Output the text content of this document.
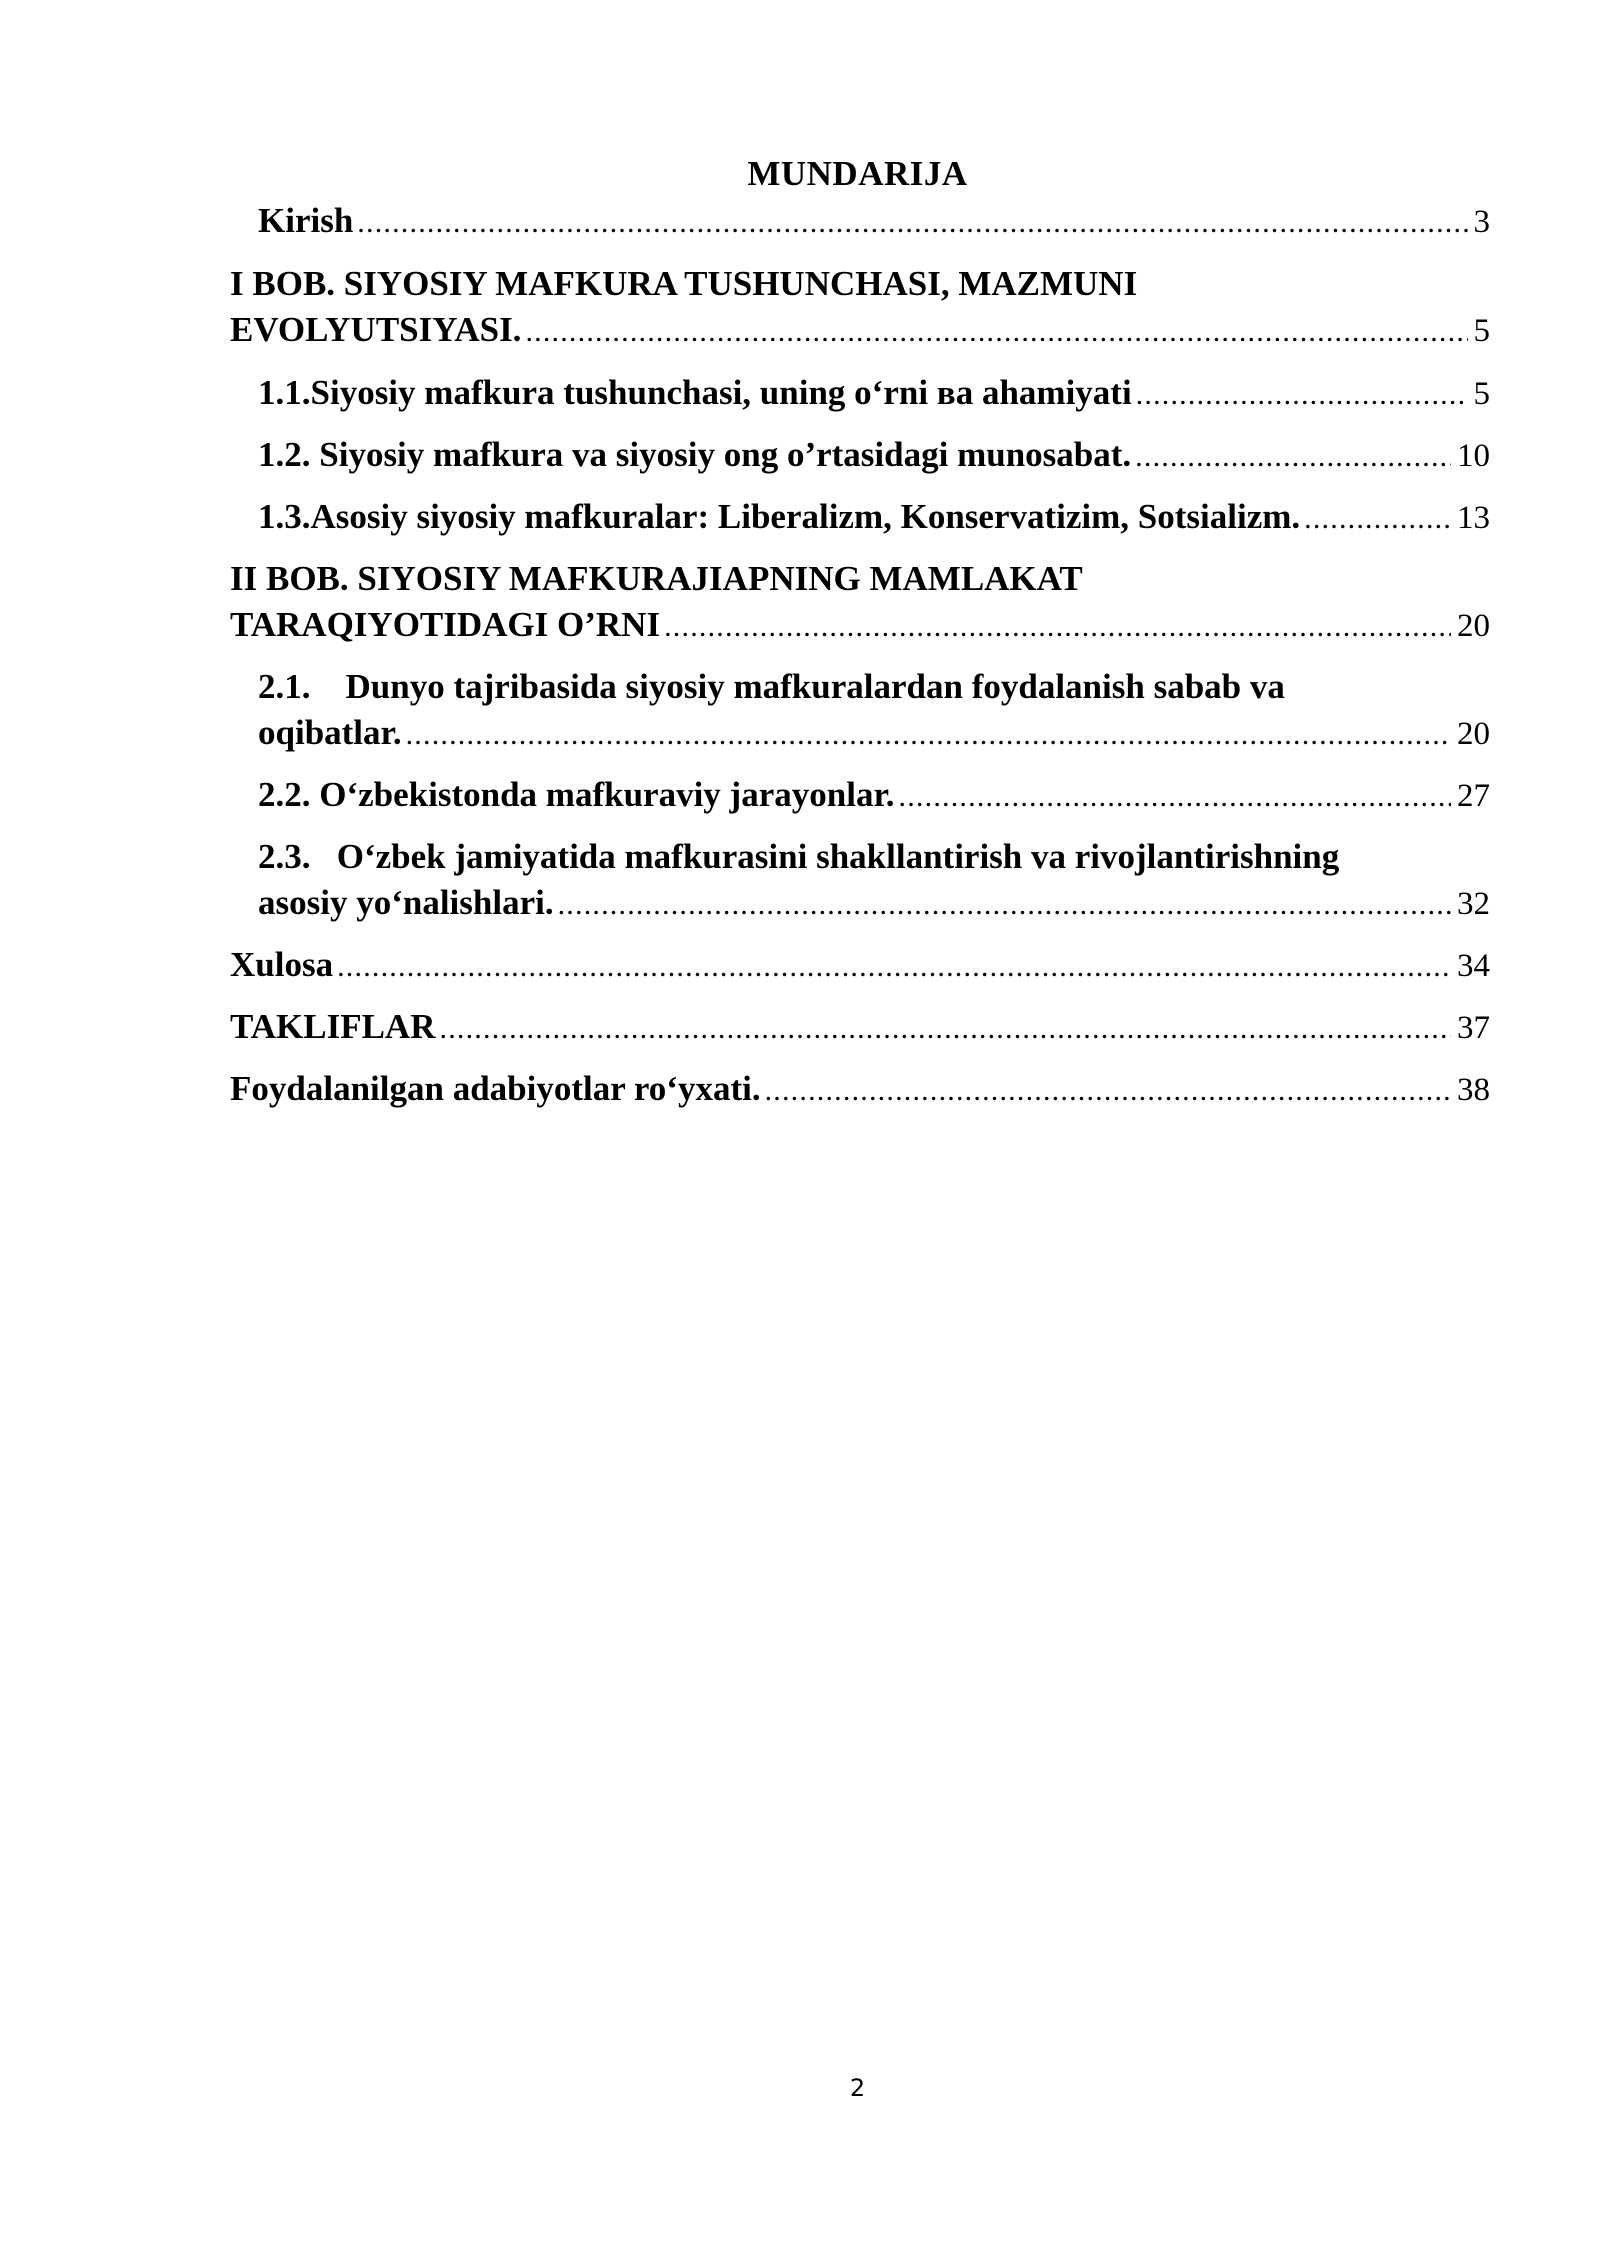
MUNDARIJA
Kirish .....	3
I BOB. SIYOSIY MAFKURA TUSHUNCHASI, MAZMUNI
EVOLYUTSIYASI. .....	5
1.1.Siyosiy mafkura tushunchasi, uning o‘rni ва ahamiyati .....	5
1.2. Siyosiy mafkura va siyosiy ong o’rtasidagi munosabat. .....	10
1.3.Asosiy siyosiy mafkuralar: Liberalizm, Konservatizim, Sotsializm. .....	13
II BOB. SIYOSIY MAFKURAJIAPNING MAMLAKAT
TARAQIYOTIDAGI O’RNI .....	20
2.1.    Dunyo tajribasida siyosiy mafkuralardan foydalanish sabab va
oqibatlar. .....	20
2.2. O‘zbekistonda mafkuraviy jarayonlar. .....	27
2.3.   O‘zbek jamiyatida mafkurasini shakllantirish va rivojlantirishning
asosiy yo‘nalishlari. .....	32
Xulosa .....	34
TAKLIFLAR .....	37
Foydalanilgan adabiyotlar ro‘yxati. .....	38
2
